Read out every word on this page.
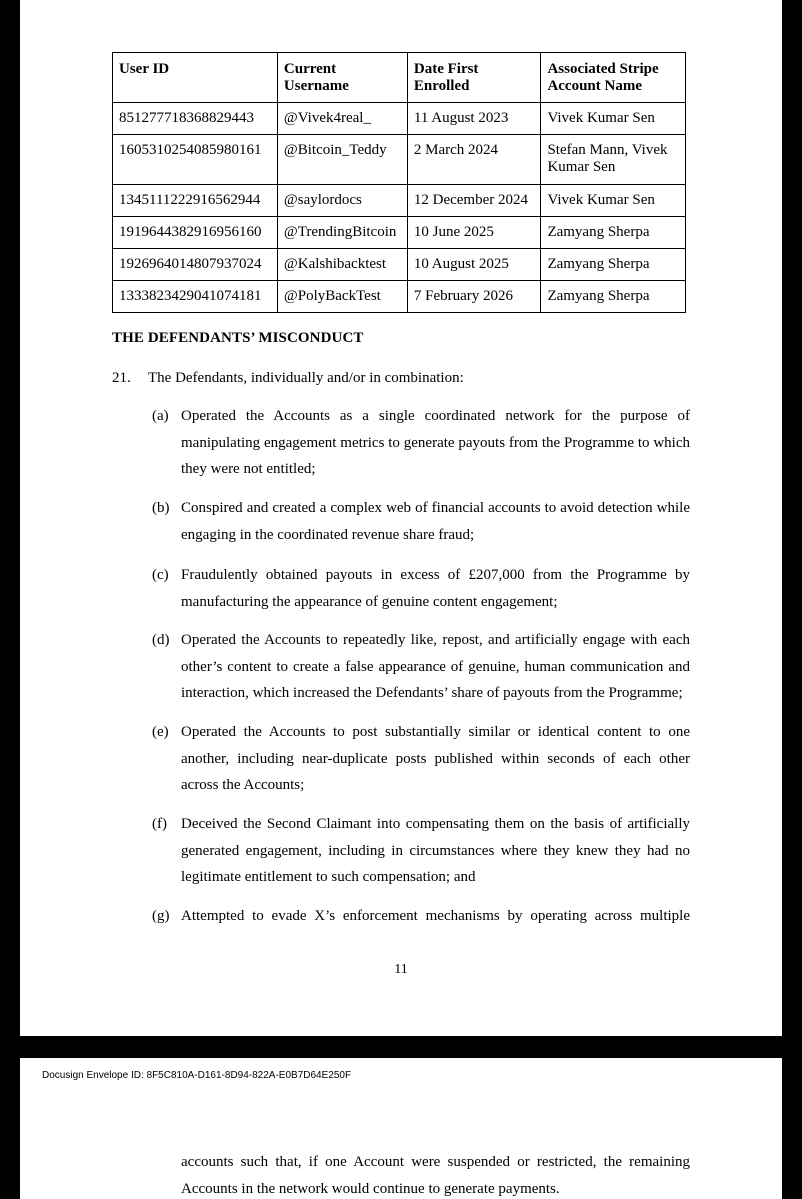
User ID	Current Username	Date First Enrolled	Associated Stripe Account Name
851277718368829443	@Vivek4real_	11 August 2023	Vivek Kumar Sen
1605310254085980161	@Bitcoin_Teddy	2 March 2024	Stefan Mann, Vivek Kumar Sen
1345111222916562944	@saylordocs	12 December 2024	Vivek Kumar Sen
1919644382916956160	@TrendingBitcoin	10 June 2025	Zamyang Sherpa
1926964014807937024	@Kalshibacktest	10 August 2025	Zamyang Sherpa
1333823429041074181	@PolyBackTest	7 February 2026	Zamyang Sherpa
THE DEFENDANTS’ MISCONDUCT
21. The Defendants, individually and/or in combination:
(a) Operated the Accounts as a single coordinated network for the purpose of manipulating engagement metrics to generate payouts from the Programme to which they were not entitled;
(b) Conspired and created a complex web of financial accounts to avoid detection while engaging in the coordinated revenue share fraud;
(c) Fraudulently obtained payouts in excess of £207,000 from the Programme by manufacturing the appearance of genuine content engagement;
(d) Operated the Accounts to repeatedly like, repost, and artificially engage with each other’s content to create a false appearance of genuine, human communication and interaction, which increased the Defendants’ share of payouts from the Programme;
(e) Operated the Accounts to post substantially similar or identical content to one another, including near-duplicate posts published within seconds of each other across the Accounts;
(f) Deceived the Second Claimant into compensating them on the basis of artificially generated engagement, including in circumstances where they knew they had no legitimate entitlement to such compensation; and
(g) Attempted to evade X’s enforcement mechanisms by operating across multiple
11
Docusign Envelope ID: 8F5C810A-D161-8D94-822A-E0B7D64E250F
accounts such that, if one Account were suspended or restricted, the remaining
Accounts in the network would continue to generate payments.
